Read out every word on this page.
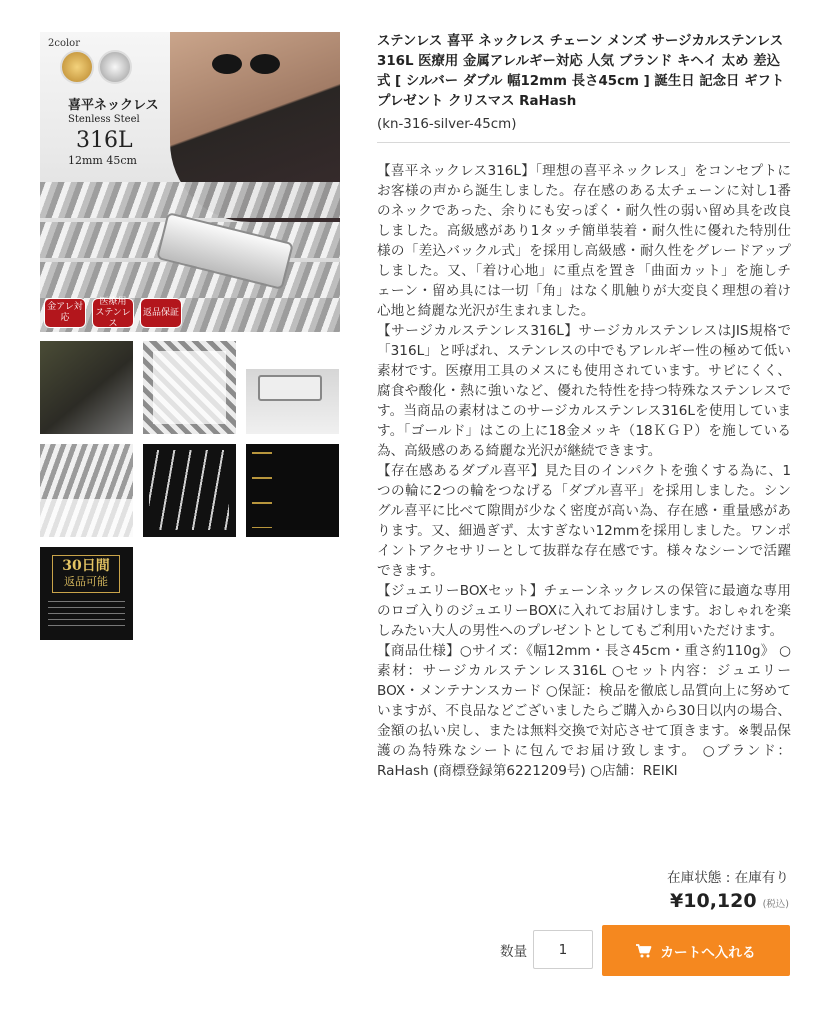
2color
喜平ネックレス
Stenless Steel
316L
12mm 45cm
金アレ対応
医療用ステンレス
返品保証
30日間
返品可能
ステンレス 喜平 ネックレス チェーン メンズ サージカルステンレス 316L 医療用 金属アレルギー対応 人気 ブランド キヘイ 太め 差込式 [ シルバー ダブル 幅12mm 長さ45cm ] 誕生日 記念日 ギフト プレゼント クリスマス RaHash
(kn-316-silver-45cm)

【喜平ネックレス316L】「理想の喜平ネックレス」をコンセプトにお客様の声から誕生しました。存在感のある太チェーンに対し1番のネックであった、余りにも安っぽく・耐久性の弱い留め具を改良しました。高級感があり1タッチ簡単装着・耐久性に優れた特別仕様の「差込バックル式」を採用し高級感・耐久性をグレードアップしました。又、「着け心地」に重点を置き「曲面カット」を施しチェーン・留め具には一切「角」はなく肌触りが大変良く理想の着け心地と綺麗な光沢が生まれました。

【サージカルステンレス316L】サージカルステンレスはJIS規格で「316L」と呼ばれ、ステンレスの中でもアレルギー性の極めて低い素材です。医療用工具のメスにも使用されています。サビにくく、腐食や酸化・熱に強いなど、優れた特性を持つ特殊なステンレスです。当商品の素材はこのサージカルステンレス316Lを使用しています。「ゴールド」はこの上に18金メッキ（18ＫＧＰ）を施している為、高級感のある綺麗な光沢が継続できます。

【存在感あるダブル喜平】見た目のインパクトを強くする為に、1つの輪に2つの輪をつなげる「ダブル喜平」を採用しました。シングル喜平に比べて隙間が少なく密度が高い為、存在感・重量感があります。又、細過ぎず、太すぎない12mmを採用しました。ワンポイントアクセサリーとして抜群な存在感です。様々なシーンで活躍できます。

【ジュエリーBOXセット】チェーンネックレスの保管に最適な専用のロゴ入りのジュエリーBOXに入れてお届けします。おしゃれを楽しみたい大人の男性へのプレゼントとしてもご利用いただけます。

【商品仕様】○サイズ：《幅12mm・長さ45cm・重さ約110g》 ○素材：サージカルステンレス316L ○セット内容：ジュエリーBOX・メンテナンスカード ○保証：検品を徹底し品質向上に努めていますが、不良品などございましたらご購入から30日以内の場合、金額の払い戻し、または無料交換で対応させて頂きます。※製品保護の為特殊なシートに包んでお届け致します。 ○ブランド：RaHash (商標登録第6221209号) ○店舗：REIKI

在庫状態 : 在庫有り
¥10,120 (税込)
数量
1	カートへ入れる
